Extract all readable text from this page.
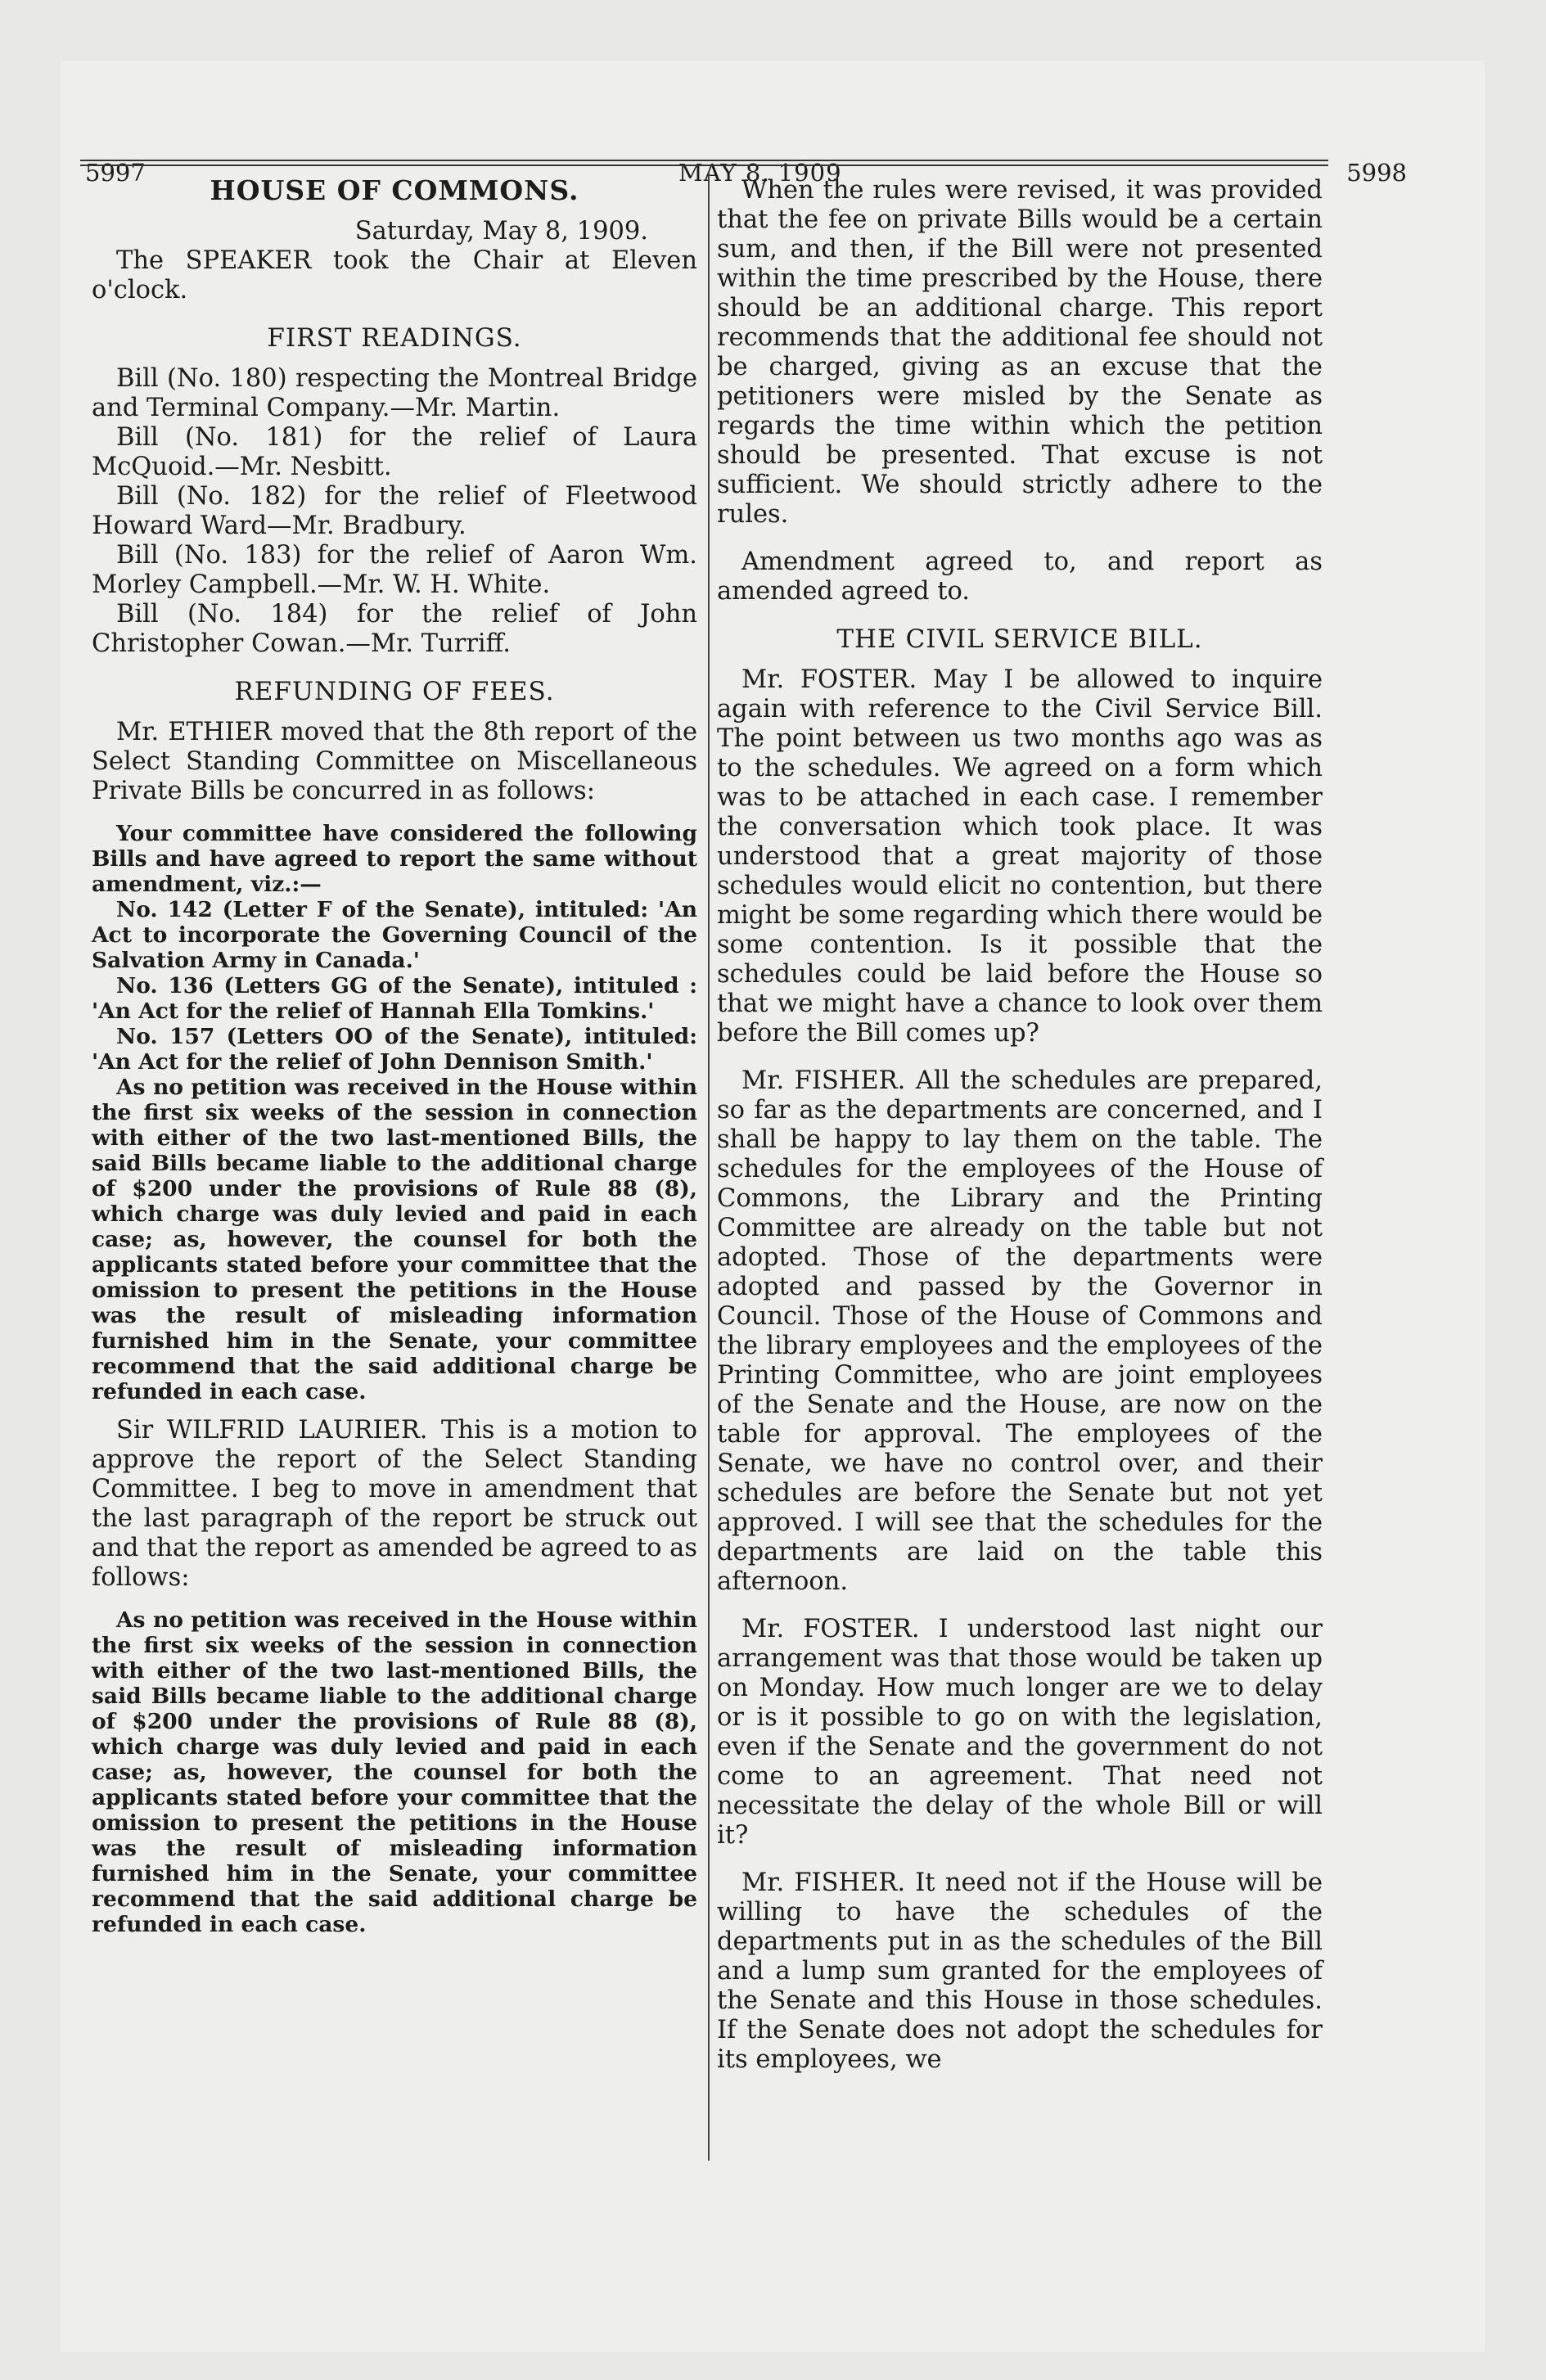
5997	MAY 8, 1909	5998

HOUSE OF COMMONS.

Saturday, May 8, 1909.

The SPEAKER took the Chair at Eleven o'clock.

FIRST READINGS.

Bill (No. 180) respecting the Montreal Bridge and Terminal Company.—Mr. Martin.

Bill (No. 181) for the relief of Laura McQuoid.—Mr. Nesbitt.

Bill (No. 182) for the relief of Fleetwood Howard Ward—Mr. Bradbury.

Bill (No. 183) for the relief of Aaron Wm. Morley Campbell.—Mr. W. H. White.

Bill (No. 184) for the relief of John Christopher Cowan.—Mr. Turriff.

REFUNDING OF FEES.

Mr. ETHIER moved that the 8th report of the Select Standing Committee on Miscellaneous Private Bills be concurred in as follows:

Your committee have considered the following Bills and have agreed to report the same without amendment, viz.:—

No. 142 (Letter F of the Senate), intituled: 'An Act to incorporate the Governing Council of the Salvation Army in Canada.'

No. 136 (Letters GG of the Senate), intituled : 'An Act for the relief of Hannah Ella Tomkins.'

No. 157 (Letters OO of the Senate), intituled: 'An Act for the relief of John Dennison Smith.'

As no petition was received in the House within the first six weeks of the session in connection with either of the two last-mentioned Bills, the said Bills became liable to the additional charge of $200 under the provisions of Rule 88 (8), which charge was duly levied and paid in each case; as, however, the counsel for both the applicants stated before your committee that the omission to present the petitions in the House was the result of misleading information furnished him in the Senate, your committee recommend that the said additional charge be refunded in each case.

Sir WILFRID LAURIER. This is a motion to approve the report of the Select Standing Committee. I beg to move in amendment that the last paragraph of the report be struck out and that the report as amended be agreed to as follows:

As no petition was received in the House within the first six weeks of the session in connection with either of the two last-mentioned Bills, the said Bills became liable to the additional charge of $200 under the provisions of Rule 88 (8), which charge was duly levied and paid in each case; as, however, the counsel for both the applicants stated before your committee that the omission to present the petitions in the House was the result of misleading information furnished him in the Senate, your committee recommend that the said additional charge be refunded in each case.

When the rules were revised, it was provided that the fee on private Bills would be a certain sum, and then, if the Bill were not presented within the time prescribed by the House, there should be an additional charge. This report recommends that the additional fee should not be charged, giving as an excuse that the petitioners were misled by the Senate as regards the time within which the petition should be presented. That excuse is not sufficient. We should strictly adhere to the rules.

Amendment agreed to, and report as amended agreed to.

THE CIVIL SERVICE BILL.

Mr. FOSTER. May I be allowed to inquire again with reference to the Civil Service Bill. The point between us two months ago was as to the schedules. We agreed on a form which was to be attached in each case. I remember the conversation which took place. It was understood that a great majority of those schedules would elicit no contention, but there might be some regarding which there would be some contention. Is it possible that the schedules could be laid before the House so that we might have a chance to look over them before the Bill comes up?

Mr. FISHER. All the schedules are prepared, so far as the departments are concerned, and I shall be happy to lay them on the table. The schedules for the employees of the House of Commons, the Library and the Printing Committee are already on the table but not adopted. Those of the departments were adopted and passed by the Governor in Council. Those of the House of Commons and the library employees and the employees of the Printing Committee, who are joint employees of the Senate and the House, are now on the table for approval. The employees of the Senate, we have no control over, and their schedules are before the Senate but not yet approved. I will see that the schedules for the departments are laid on the table this afternoon.

Mr. FOSTER. I understood last night our arrangement was that those would be taken up on Monday. How much longer are we to delay or is it possible to go on with the legislation, even if the Senate and the government do not come to an agreement. That need not necessitate the delay of the whole Bill or will it?

Mr. FISHER. It need not if the House will be willing to have the schedules of the departments put in as the schedules of the Bill and a lump sum granted for the employees of the Senate and this House in those schedules. If the Senate does not adopt the schedules for its employees, we
